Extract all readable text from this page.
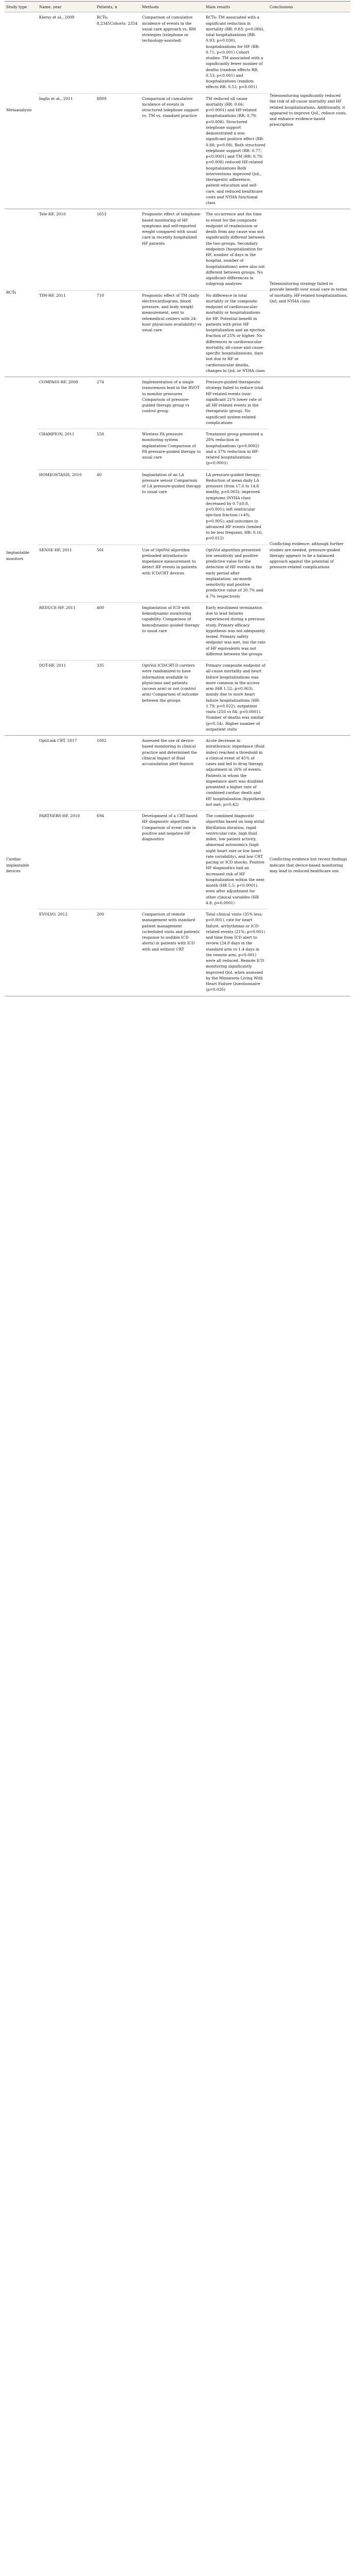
Study type	Name, year	Patients, n	Methods	Main results	Conclusions
Metaanalysis	Klersy et al., 2009	RCTs: 8,2345Cohorts: 2354	Comparison of cumulative incidence of events in the usual care approach vs. RM strategies (telephone or technology-assisted)	RCTs: TM associated with a significant reduction in mortality (RR: 0.83; p=0.006), total hospitalizations (RR: 0.93; p=0.030), hospitalizations for HF (RR: 0.71; p<0.001) Cohort studies: TM associated with a significantly fewer number of deaths (random effects RR: 0.53; p<0.001) and hospitalizations (random effects RR: 0.52; p<0.001)	Telemonitoring significantly reduced the risk of all-cause mortality and HF related hospitalizations. Additionally, it appeared to improve QoL, reduce costs, and enhance evidence-based prescription
	Inglis et al., 2011	8809	Comparison of cumulative incidence of events in structured telephone support vs. TM vs. standard practice	TM reduced all cause mortality (RR: 0.66; p<0.0001) and HF-related hospitalizations (RR: 0.79; p=0.008). Structured telephone support demonstrated a non-significant positive effect (RR: 0.88; p=0.08). Both structured telephone support (RR: 0.77; p<0.0001) and TM (RR: 0.79; p=0.008) reduced HF-related hospitalizations Both interventions improved QoL, therapeutic adherence, patient education and self-care, and reduced healthcare costs and NYHA functional class	
RCTs	Tele-HF, 2010	1653	Prognostic effect of telephone-based monitoring of HF symptoms and self-reported weight compared with usual care in recently hospitalized HF patients	The occurrence and the time to event for the composite endpoint of readmission or death from any cause was not significantly different between the two groups. Secondary endpoints (hospitalization for HF, number of days in the hospital, number of hospitalizations) were also not different between groups. No significant differences in subgroup analyses	Telemonitoring strategy failed to provide benefit over usual care in terms of mortality, HF-related hospitalizations, QoL and NYHA class
	TIM-HF, 2011	710	Prognostic effect of TM (daily electrocardiogram, blood pressure, and body weight measurement, sent to telemedical centers with 24-hour physicians availability) vs usual care	No difference in total mortality or the composite endpoint of cardiovascular mortality or hospitalizations for HF. Potential benefit in patients with prior HF hospitalization and an ejection fraction of 25% or higher. No differences in cardiovascular mortality, all-cause and cause-specific hospitalizations, days lost due to HF or cardiovascular deaths, changes in QoL or NYHA class	
Implantable monitors	COMPASS-HF, 2008	274	Implementation of a single transvenous lead in the RVOT to monitor pressures Comparison of pressure-guided therapy group vs control group	Pressure-guided therapeutic strategy failed to reduce total HF-related events (non-significant 21% lower rate of all HF-related events in the therapeutic group). No significant system-related complications	Conflicting evidence: although further studies are needed, pressure-guided therapy appears to be a balanced approach against the potential of pressure-related complications
	CHAMPION, 2011	550	Wireless PA pressure monitoring system implantation Comparison of PA pressure-guided therapy to usual care	Treatment group presented a 28% reduction in hospitalizations (p=0.0002) and a 37% reduction in HF-related hospitalizations (p<0.0001)	
	HOMEOSTASIS, 2010	40	Implantation of an LA pressure sensor Comparison of LA pressure-guided therapy to usual care	LA pressure-guided therapy: Reduction of mean daily LA pressure (from 17.6 to 14.8 mmHg, p=0.003); improved symptoms (NYHA class decreased by 0.7±0.8, p<0.001); left ventricular ejection fraction (+4%, p=0.005); and outcomes in advanced HF events (tended to be less frequent; HR: 0.16, p=0.012)	
	SENSE-HF, 2011	501	Use of OptiVol algorithm preloaded intrathoracic impedance measurement to detect HF events in patients with ICD/CRT devices	OptiVol algorithm presented low sensitivity and positive predictive value for the detection of HF events in the early period after implantation: six-month sensitivity and positive predictive value of 20.7% and 4.7% respectively	
	REDUCE-HF, 2011	400	Implantation of ICD with hemodynamic monitoring capability. Comparison of hemodynamic-guided therapy to usual care	Early enrollment termination due to lead failures experienced during a previous study. Primary efficacy hypothesis was not adequately tested. Primary safety endpoint was met, but the rate of HF equivalents was not different between the groups	
	DOT-HF, 2011	335	OptiVol ICD/CRT-D carriers were randomized to have information available to physicians and patients (access arm) or not (control arm) Comparison of outcome between the groups	Primary composite endpoint of all-cause mortality and heart failure hospitalizations was more common in the access arm (HR 1.52; p=0.063), mainly due to more heart failure hospitalizations (HR: 1.79; p=0.022), outpatient visits (250 vs 84; p<0.0001). Number of deaths was similar (p=0.54). Higher number of outpatient visits	
Cardiac implantable devices	OptiLink CRT, 2017	1002	Assessed the use of device-based monitoring in clinical practice and determined the clinical impact of fluid accumulation alert feature	Acute decrease in intrathoracic impedance (fluid index) reached a threshold in a clinical event of 45% of cases and led to drug therapy adjustment in 26% of events. Patients in whom the impedance alert was disabled presented a higher rate of combined cardiac death and HF hospitalization (hypothesis not met; p=0.42)	Conflicting evidence but recent findings indicate that device-based monitoring may lead to reduced healthcare use
	PARTNERS-HF, 2010	694	Development of a CRT-based HF diagnostic algorithm Comparison of event rate in positive and negative HF diagnostics	The combined diagnostic algorithm based on long atrial fibrillation duration, rapid ventricular rate, high fluid index, low patient activity, abnormal autonomics (high night heart rate or low heart rate variability), and low CRT pacing or ICD shocks. Positive HF diagnostics had an increased risk of HF hospitalization within the next month (HR 5.5; p<0.0001), even after adjustment for other clinical variables (HR 4.8, p=0.0001)	
	EVOLVO, 2012	200	Comparison of remote management with standard patient management (scheduled visits and patients' response to audible ICD alerts) in patients with ICD with and without CRT	Total clinical visits (35% less; p<0.001), rate for heart failure, arrhythmias or ICD-related events (21%; p=0.001) and time from ICD alert to review (24.8 days in the standard arm vs 1.4 days in the remote arm, p<0.001) were all reduced. Remote ICD monitoring significantly improved QoL when assessed by the Minnesota Living With Heart Failure Questionnaire (p=0.026)	
